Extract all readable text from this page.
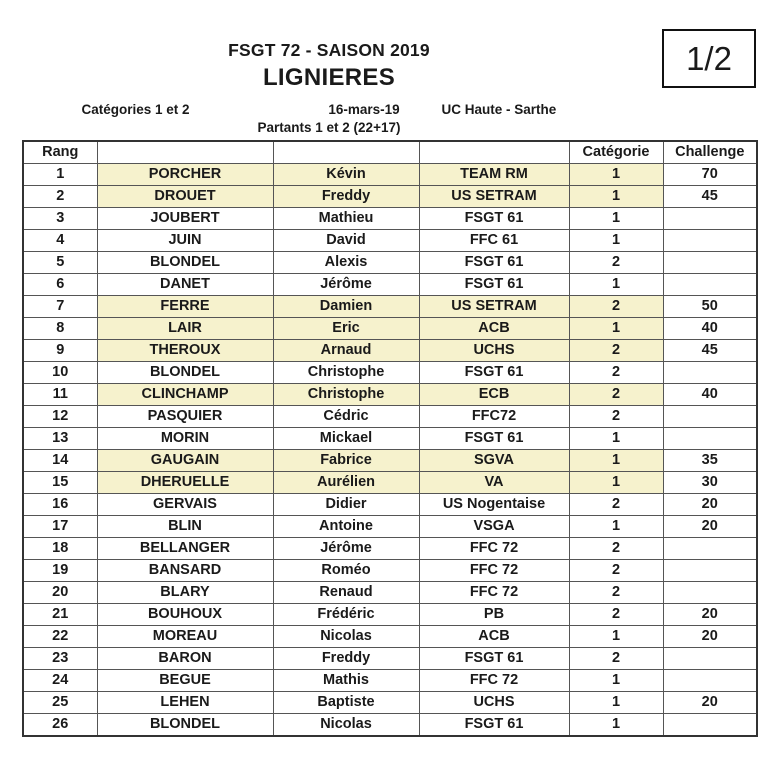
1/2
FSGT 72 - SAISON 2019
LIGNIERES
Catégories 1 et 2	16-mars-19	UC Haute - Sarthe
Partants 1 et 2 (22+17)
Rang				Catégorie	Challenge
1	PORCHER	Kévin	TEAM RM	1	70
2	DROUET	Freddy	US SETRAM	1	45
3	JOUBERT	Mathieu	FSGT 61	1	
4	JUIN	David	FFC 61	1	
5	BLONDEL	Alexis	FSGT 61	2	
6	DANET	Jérôme	FSGT 61	1	
7	FERRE	Damien	US SETRAM	2	50
8	LAIR	Eric	ACB	1	40
9	THEROUX	Arnaud	UCHS	2	45
10	BLONDEL	Christophe	FSGT 61	2	
11	CLINCHAMP	Christophe	ECB	2	40
12	PASQUIER	Cédric	FFC72	2	
13	MORIN	Mickael	FSGT 61	1	
14	GAUGAIN	Fabrice	SGVA	1	35
15	DHERUELLE	Aurélien	VA	1	30
16	GERVAIS	Didier	US Nogentaise	2	20
17	BLIN	Antoine	VSGA	1	20
18	BELLANGER	Jérôme	FFC 72	2	
19	BANSARD	Roméo	FFC 72	2	
20	BLARY	Renaud	FFC 72	2	
21	BOUHOUX	Frédéric	PB	2	20
22	MOREAU	Nicolas	ACB	1	20
23	BARON	Freddy	FSGT 61	2	
24	BEGUE	Mathis	FFC 72	1	
25	LEHEN	Baptiste	UCHS	1	20
26	BLONDEL	Nicolas	FSGT 61	1	
